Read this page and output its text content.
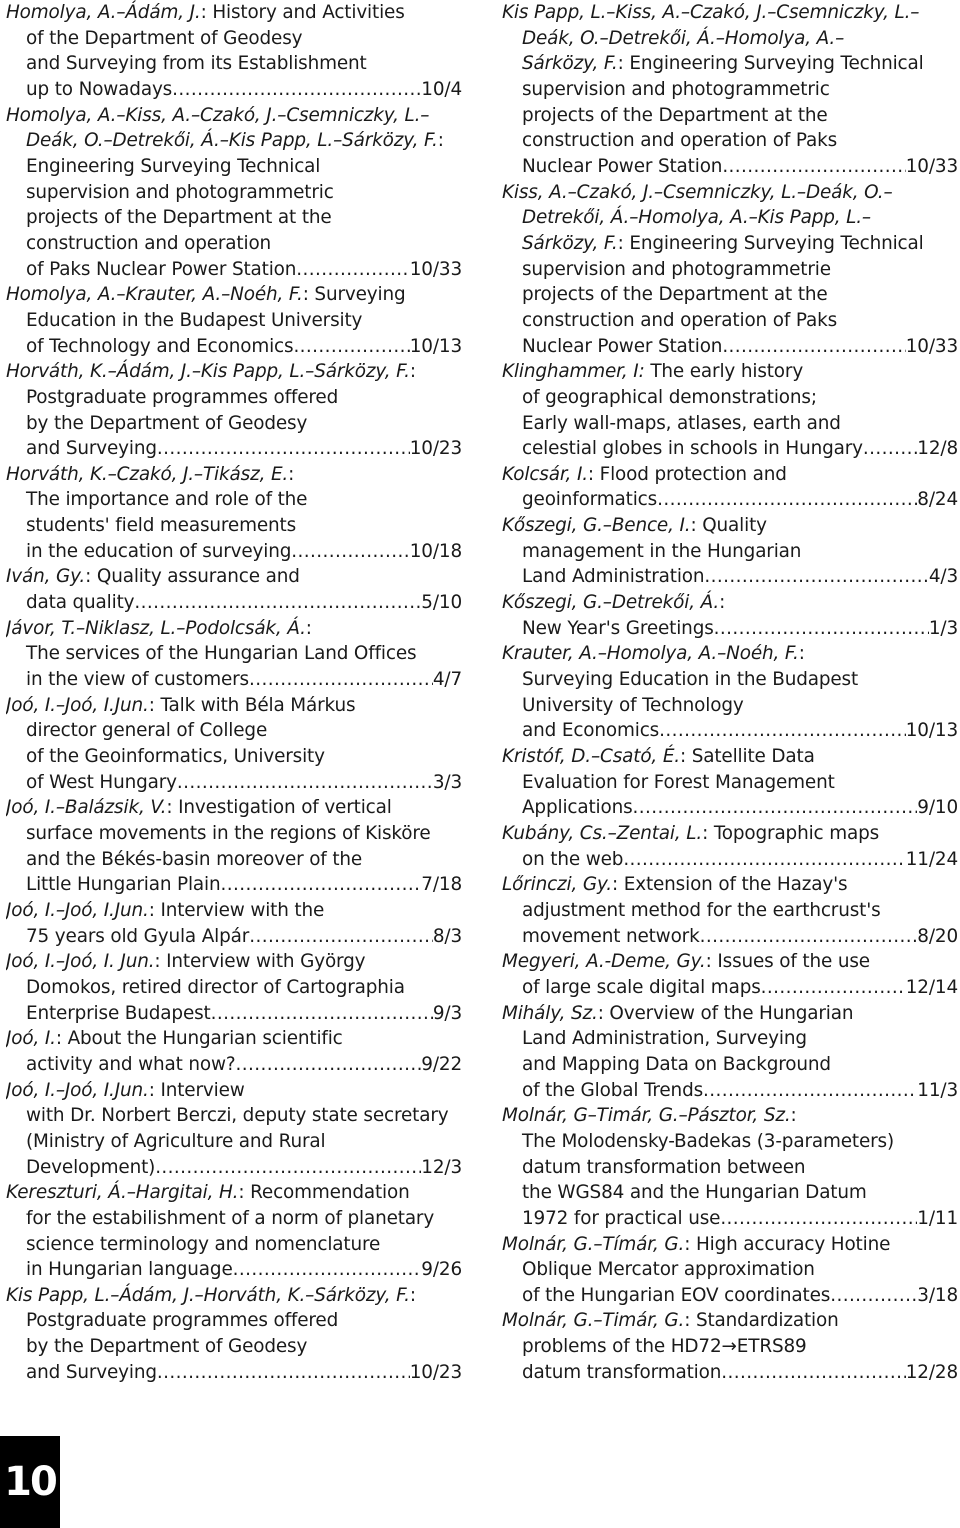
Homolya, A.–Ádám, J.: History and Activities
of the Department of Geodesy
and Surveying from its Establishment
up to Nowadays .....	10/4
Homolya, A.–Kiss, A.–Czakó, J.–Csemniczky, L.–
Deák, O.–Detrekői, Á.–Kis Papp, L.–Sárközy, F.:
Engineering Surveying Technical
supervision and photogrammetric
projects of the Department at the
construction and operation
of Paks Nuclear Power Station .....	10/33
Homolya, A.–Krauter, A.–Noéh, F.: Surveying
Education in the Budapest University
of Technology and Economics .....	10/13
Horváth, K.–Ádám, J.–Kis Papp, L.–Sárközy, F.:
Postgraduate programmes offered
by the Department of Geodesy
and Surveying .....	10/23
Horváth, K.–Czakó, J.–Tikász, E.:
The importance and role of the
students' field measurements
in the education of surveying .....	10/18
Iván, Gy.: Quality assurance and
data quality .....	5/10
Jávor, T.–Niklasz, L.–Podolcsák, Á.:
The services of the Hungarian Land Offices
in the view of customers .....	4/7
Joó, I.–Joó, I.Jun.: Talk with Béla Márkus
director general of College
of the Geoinformatics, University
of West Hungary .....	3/3
Joó, I.–Balázsik, V.: Investigation of vertical
surface movements in the regions of Kisköre
and the Békés-basin moreover of the
Little Hungarian Plain .....	7/18
Joó, I.–Joó, I.Jun.: Interview with the
75 years old Gyula Alpár .....	8/3
Joó, I.–Joó, I. Jun.: Interview with György
Domokos, retired director of Cartographia
Enterprise Budapest .....	9/3
Joó, I.: About the Hungarian scientific
activity and what now? .....	9/22
Joó, I.–Joó, I.Jun.: Interview
with Dr. Norbert Berczi, deputy state secretary
(Ministry of Agriculture and Rural
Development) .....	12/3
Kereszturi, Á.–Hargitai, H.: Recommendation
for the estabilishment of a norm of planetary
science terminology and nomenclature
in Hungarian language .....	9/26
Kis Papp, L.–Ádám, J.–Horváth, K.–Sárközy, F.:
Postgraduate programmes offered
by the Department of Geodesy
and Surveying .....	10/23
Kis Papp, L.–Kiss, A.–Czakó, J.–Csemniczky, L.–
Deák, O.–Detrekői, Á.–Homolya, A.–
Sárközy, F.: Engineering Surveying Technical
supervision and photogrammetric
projects of the Department at the
construction and operation of Paks
Nuclear Power Station .....	10/33
Kiss, A.–Czakó, J.–Csemniczky, L.–Deák, O.–
Detrekői, Á.–Homolya, A.–Kis Papp, L.–
Sárközy, F.: Engineering Surveying Technical
supervision and photogrammetrie
projects of the Department at the
construction and operation of Paks
Nuclear Power Station .....	10/33
Klinghammer, I: The early history
of geographical demonstrations;
Early wall-maps, atlases, earth and
celestial globes in schools in Hungary .....	12/8
Kolcsár, I.: Flood protection and
geoinformatics .....	8/24
Kőszegi, G.–Bence, I.: Quality
management in the Hungarian
Land Administration .....	4/3
Kőszegi, G.–Detrekői, Á.:
New Year's Greetings .....	1/3
Krauter, A.–Homolya, A.–Noéh, F.:
Surveying Education in the Budapest
University of Technology
and Economics .....	10/13
Kristóf, D.–Csató, É.: Satellite Data
Evaluation for Forest Management
Applications .....	9/10
Kubány, Cs.–Zentai, L.: Topographic maps
on the web .....	11/24
Lőrinczi, Gy.: Extension of the Hazay's
adjustment method for the earthcrust's
movement network .....	8/20
Megyeri, A.-Deme, Gy.: Issues of the use
of large scale digital maps .....	12/14
Mihály, Sz.: Overview of the Hungarian
Land Administration, Surveying
and Mapping Data on Background
of the Global Trends .....	11/3
Molnár, G–Timár, G.–Pásztor, Sz.:
The Molodensky-Badekas (3-parameters)
datum transformation between
the WGS84 and the Hungarian Datum
1972 for practical use .....	1/11
Molnár, G.–Tímár, G.: High accuracy Hotine
Oblique Mercator approximation
of the Hungarian EOV coordinates .....	3/18
Molnár, G.–Timár, G.: Standardization
problems of the HD72→ETRS89
datum transformation .....	12/28
10
